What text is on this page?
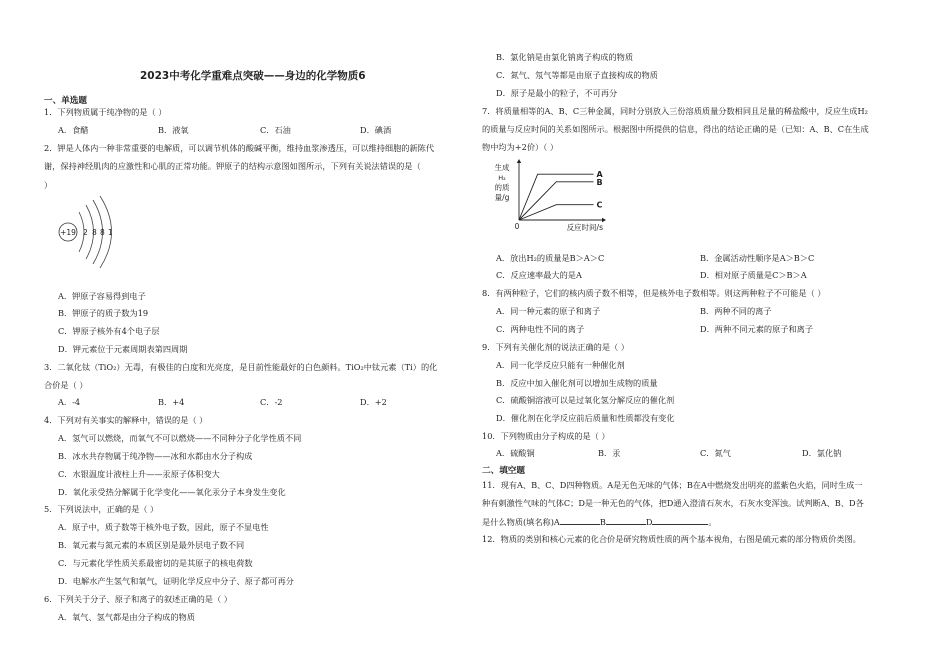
2023中考化学重难点突破——身边的化学物质6
一、单选题
1．下列物质属于纯净物的是（ ）
A．食醋	B．液氧	C．石油	D．碘酒
2．钾是人体内一种非常重要的电解质，可以调节机体的酸碱平衡，维持血浆渗透压，可以维持细胞的新陈代
谢，保持神经肌肉的应激性和心肌的正常功能。钾原子的结构示意图如图所示，下列有关说法错误的是（
）
+19 2 8 8 1
A．钾原子容易得到电子
B．钾原子的质子数为19
C．钾原子核外有4个电子层
D．钾元素位于元素周期表第四周期
3．二氧化钛（TiO₂）无毒，有极佳的白度和光亮度，是目前性能最好的白色颜料。TiO₂中钛元素（Ti）的化
合价是（ ）
A．-4	B．+4	C．-2	D．+2
4．下列对有关事实的解释中，错误的是（ ）
A．氢气可以燃烧，而氧气不可以燃烧——不同种分子化学性质不同
B．冰水共存物属于纯净物——冰和水都由水分子构成
C．水银温度计液柱上升——汞原子体积变大
D．氧化汞受热分解属于化学变化——氧化汞分子本身发生变化
5．下列说法中，正确的是（ ）
A．原子中，质子数等于核外电子数，因此，原子不显电性
B．氧元素与氮元素的本质区别是最外层电子数不同
C．与元素化学性质关系最密切的是其原子的核电荷数
D．电解水产生氢气和氧气，证明化学反应中分子、原子都可再分
6．下列关于分子、原子和离子的叙述正确的是（ ）
A．氧气、氢气都是由分子构成的物质
B．氯化钠是由氯化钠离子构成的物质
C．氮气、氖气等都是由原子直接构成的物质
D．原子是最小的粒子，不可再分
7．将质量相等的A、B、C三种金属，同时分别放入三份溶质质量分数相同且足量的稀盐酸中，反应生成H₂
的质量与反应时间的关系如图所示。根据图中所提供的信息，得出的结论正确的是（已知：A、B、C在生成
物中均为+2价）（ ）
生成
H₂
的质
量/g
0	反应时间/s
A
B
C
A．放出H₂的质量是B＞A＞C	B．金属活动性顺序是A＞B＞C
C．反应速率最大的是A	D．相对原子质量是C＞B＞A
8．有两种粒子，它们的核内质子数不相等，但是核外电子数相等。则这两种粒子不可能是（ ）
A．同一种元素的原子和离子	B．两种不同的离子
C．两种电性不同的离子	D．两种不同元素的原子和离子
9．下列有关催化剂的说法正确的是（ ）
A．同一化学反应只能有一种催化剂
B．反应中加入催化剂可以增加生成物的质量
C．硫酸铜溶液可以是过氧化氢分解反应的催化剂
D．催化剂在化学反应前后质量和性质都没有变化
10．下列物质由分子构成的是（ ）
A．硫酸铜	B．汞	C．氮气	D．氯化钠
二、填空题
11．现有A、B、C、D四种物质。A是无色无味的气体；B在A中燃烧发出明亮的蓝紫色火焰，同时生成一
种有刺激性气味的气体C；D是一种无色的气体，把D通入澄清石灰水，石灰水变浑浊。试判断A、B、D各
是什么物质(填名称)A	B	D	。
12．物质的类别和核心元素的化合价是研究物质性质的两个基本视角，右图是硫元素的部分物质价类图。
